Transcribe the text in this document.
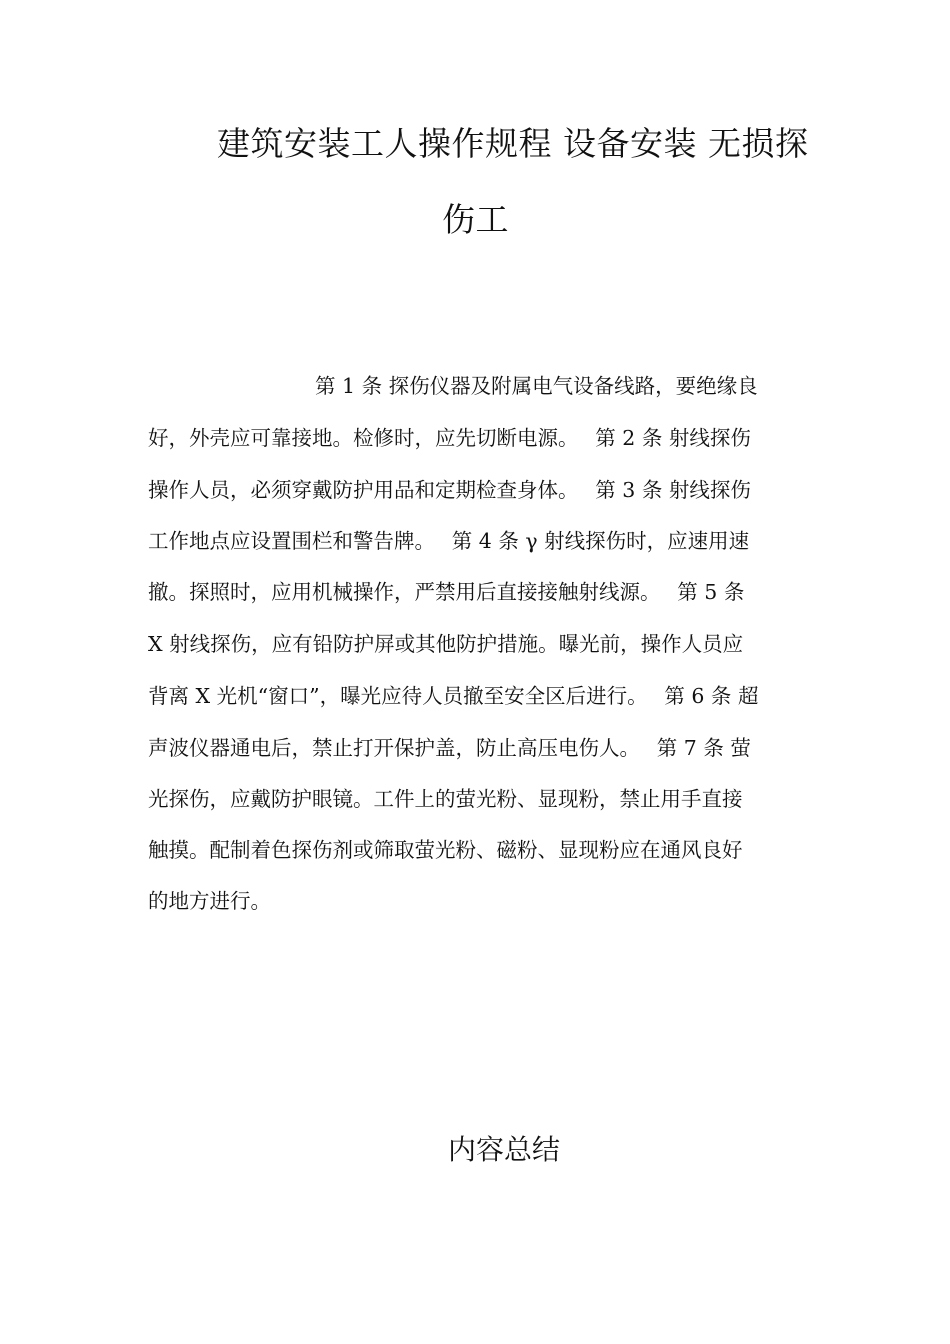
建筑安装工人操作规程 设备安装 无损探
伤工
第 1 条 探伤仪器及附属电气设备线路，要绝缘良
好，外壳应可靠接地。检修时，应先切断电源。　 第 2 条 射线探伤
操作人员，必须穿戴防护用品和定期检查身体。　 第 3 条 射线探伤
工作地点应设置围栏和警告牌。　 第 4 条 γ 射线探伤时，应速用速
撤。探照时，应用机械操作，严禁用后直接接触射线源。　 第 5 条
X 射线探伤，应有铅防护屏或其他防护措施。曝光前，操作人员应
背离 X 光机“窗口”，曝光应待人员撤至安全区后进行。　 第 6 条 超
声波仪器通电后，禁止打开保护盖，防止高压电伤人。　 第 7 条 萤
光探伤，应戴防护眼镜。工件上的萤光粉、显现粉，禁止用手直接
触摸。配制着色探伤剂或筛取萤光粉、磁粉、显现粉应在通风良好
的地方进行。
内容总结
